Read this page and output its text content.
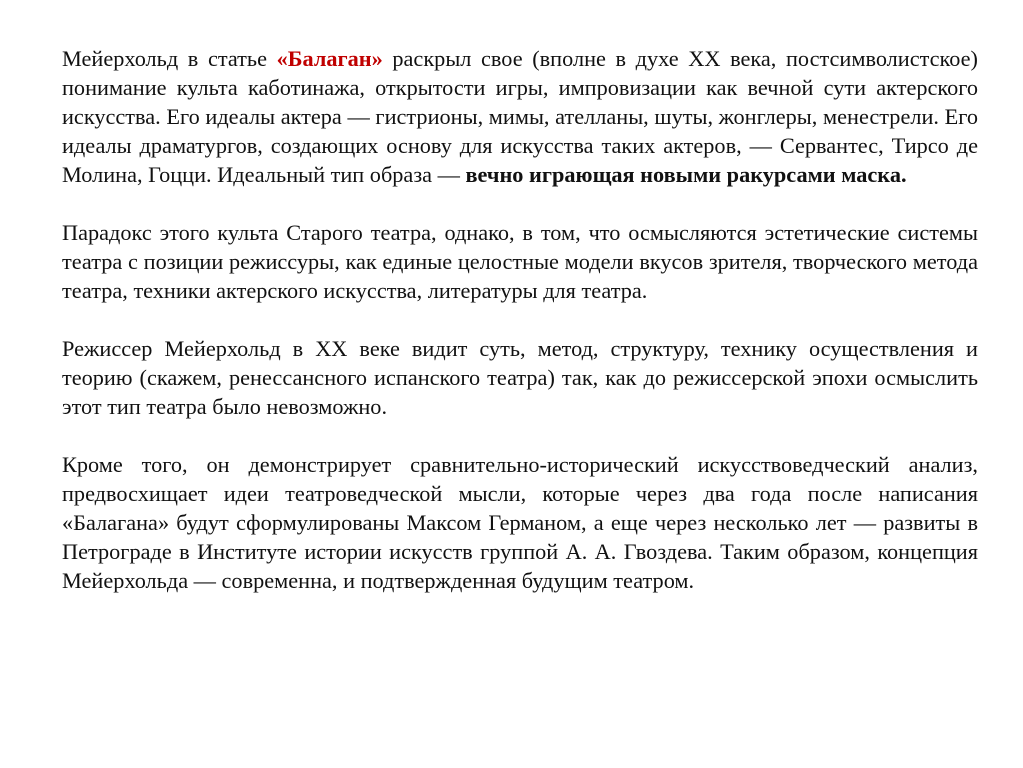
Мейерхольд в статье «Балаган» раскрыл свое (вполне в духе XX века, постсимволистское) понимание культа каботинажа, открытости игры, импровизации как вечной сути актерского искусства. Его идеалы актера — гистрионы, мимы, ателланы, шуты, жонглеры, менестрели. Его идеалы драматургов, создающих основу для искусства таких актеров, — Сервантес, Тирсо де Молина, Гоцци. Идеальный тип образа — вечно играющая новыми ракурсами маска.

Парадокс этого культа Старого театра, однако, в том, что осмысляются эстетические системы театра с позиции режиссуры, как единые целостные модели вкусов зрителя, творческого метода театра, техники актерского искусства, литературы для театра.

Режиссер Мейерхольд в XX веке видит суть, метод, структуру, технику осуществления и теорию (скажем, ренессансного испанского театра) так, как до режиссерской эпохи осмыслить этот тип театра было невозможно.

Кроме того, он демонстрирует сравнительно-исторический искусствоведческий анализ, предвосхищает идеи театроведческой мысли, которые через два года после написания «Балагана» будут сформулированы Максом Германом, а еще через несколько лет — развиты в Петрограде в Институте истории искусств группой А. А. Гвоздева. Таким образом, концепция Мейерхольда — современна, и подтвержденная будущим театром.
